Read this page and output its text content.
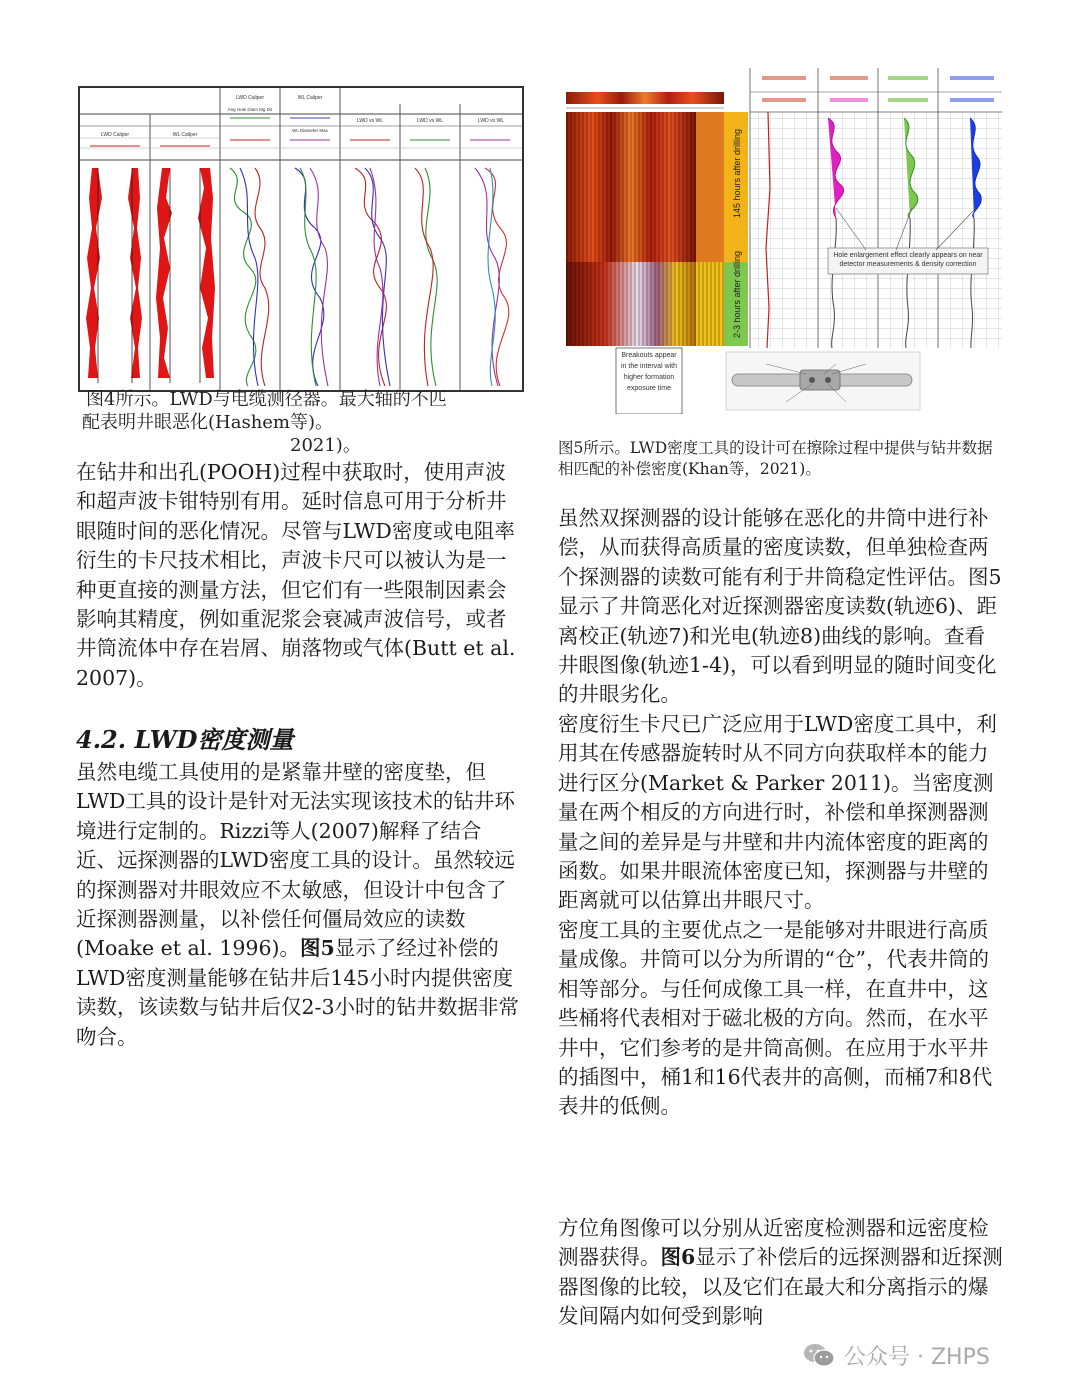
LWD Caliper	WL Caliper
LWD Caliper	WL Caliper
Ang Hole Diam Mg Dir
WL Diameter Max
LWD vs WL	LWD vs WL	LWD vs WL
图4所示。LWD与电缆测径器。最大轴的不匹
配表明井眼恶化(Hashem等)。
2021)。
145 hours after drilling
2-3 hours after drilling	Hole enlargement effect clearly appears on near detector measurements & density correction
Breakouts appear in the interval with higher formation exposure time
图5所示。LWD密度工具的设计可在擦除过程中提供与钻井数据相匹配的补偿密度(Khan等，2021)。

在钻井和出孔(POOH)过程中获取时，使用声波和超声波卡钳特别有用。延时信息可用于分析井眼随时间的恶化情况。尽管与LWD密度或电阻率衍生的卡尺技术相比，声波卡尺可以被认为是一种更直接的测量方法，但它们有一些限制因素会影响其精度，例如重泥浆会衰减声波信号，或者井筒流体中存在岩屑、崩落物或气体(Butt et al. 2007)。

4.2. LWD密度测量

虽然电缆工具使用的是紧靠井壁的密度垫，但LWD工具的设计是针对无法实现该技术的钻井环境进行定制的。Rizzi等人(2007)解释了结合近、远探测器的LWD密度工具的设计。虽然较远的探测器对井眼效应不太敏感，但设计中包含了近探测器测量，以补偿任何僵局效应的读数(Moake et al. 1996)。图5显示了经过补偿的LWD密度测量能够在钻井后145小时内提供密度读数，该读数与钻井后仅2-3小时的钻井数据非常吻合。

虽然双探测器的设计能够在恶化的井筒中进行补偿，从而获得高质量的密度读数，但单独检查两个探测器的读数可能有利于井筒稳定性评估。图5显示了井筒恶化对近探测器密度读数(轨迹6)、距离校正(轨迹7)和光电(轨迹8)曲线的影响。查看井眼图像(轨迹1-4)，可以看到明显的随时间变化的井眼劣化。

密度衍生卡尺已广泛应用于LWD密度工具中，利用其在传感器旋转时从不同方向获取样本的能力进行区分(Market & Parker 2011)。当密度测量在两个相反的方向进行时，补偿和单探测器测量之间的差异是与井壁和井内流体密度的距离的函数。如果井眼流体密度已知，探测器与井壁的距离就可以估算出井眼尺寸。

密度工具的主要优点之一是能够对井眼进行高质量成像。井筒可以分为所谓的“仓”，代表井筒的相等部分。与任何成像工具一样，在直井中，这些桶将代表相对于磁北极的方向。然而，在水平井中，它们参考的是井筒高侧。在应用于水平井的插图中，桶1和16代表井的高侧，而桶7和8代表井的低侧。

方位角图像可以分别从近密度检测器和远密度检测器获得。图6显示了补偿后的远探测器和近探测器图像的比较，以及它们在最大和分离指示的爆发间隔内如何受到影响

公众号 · ZHPS
